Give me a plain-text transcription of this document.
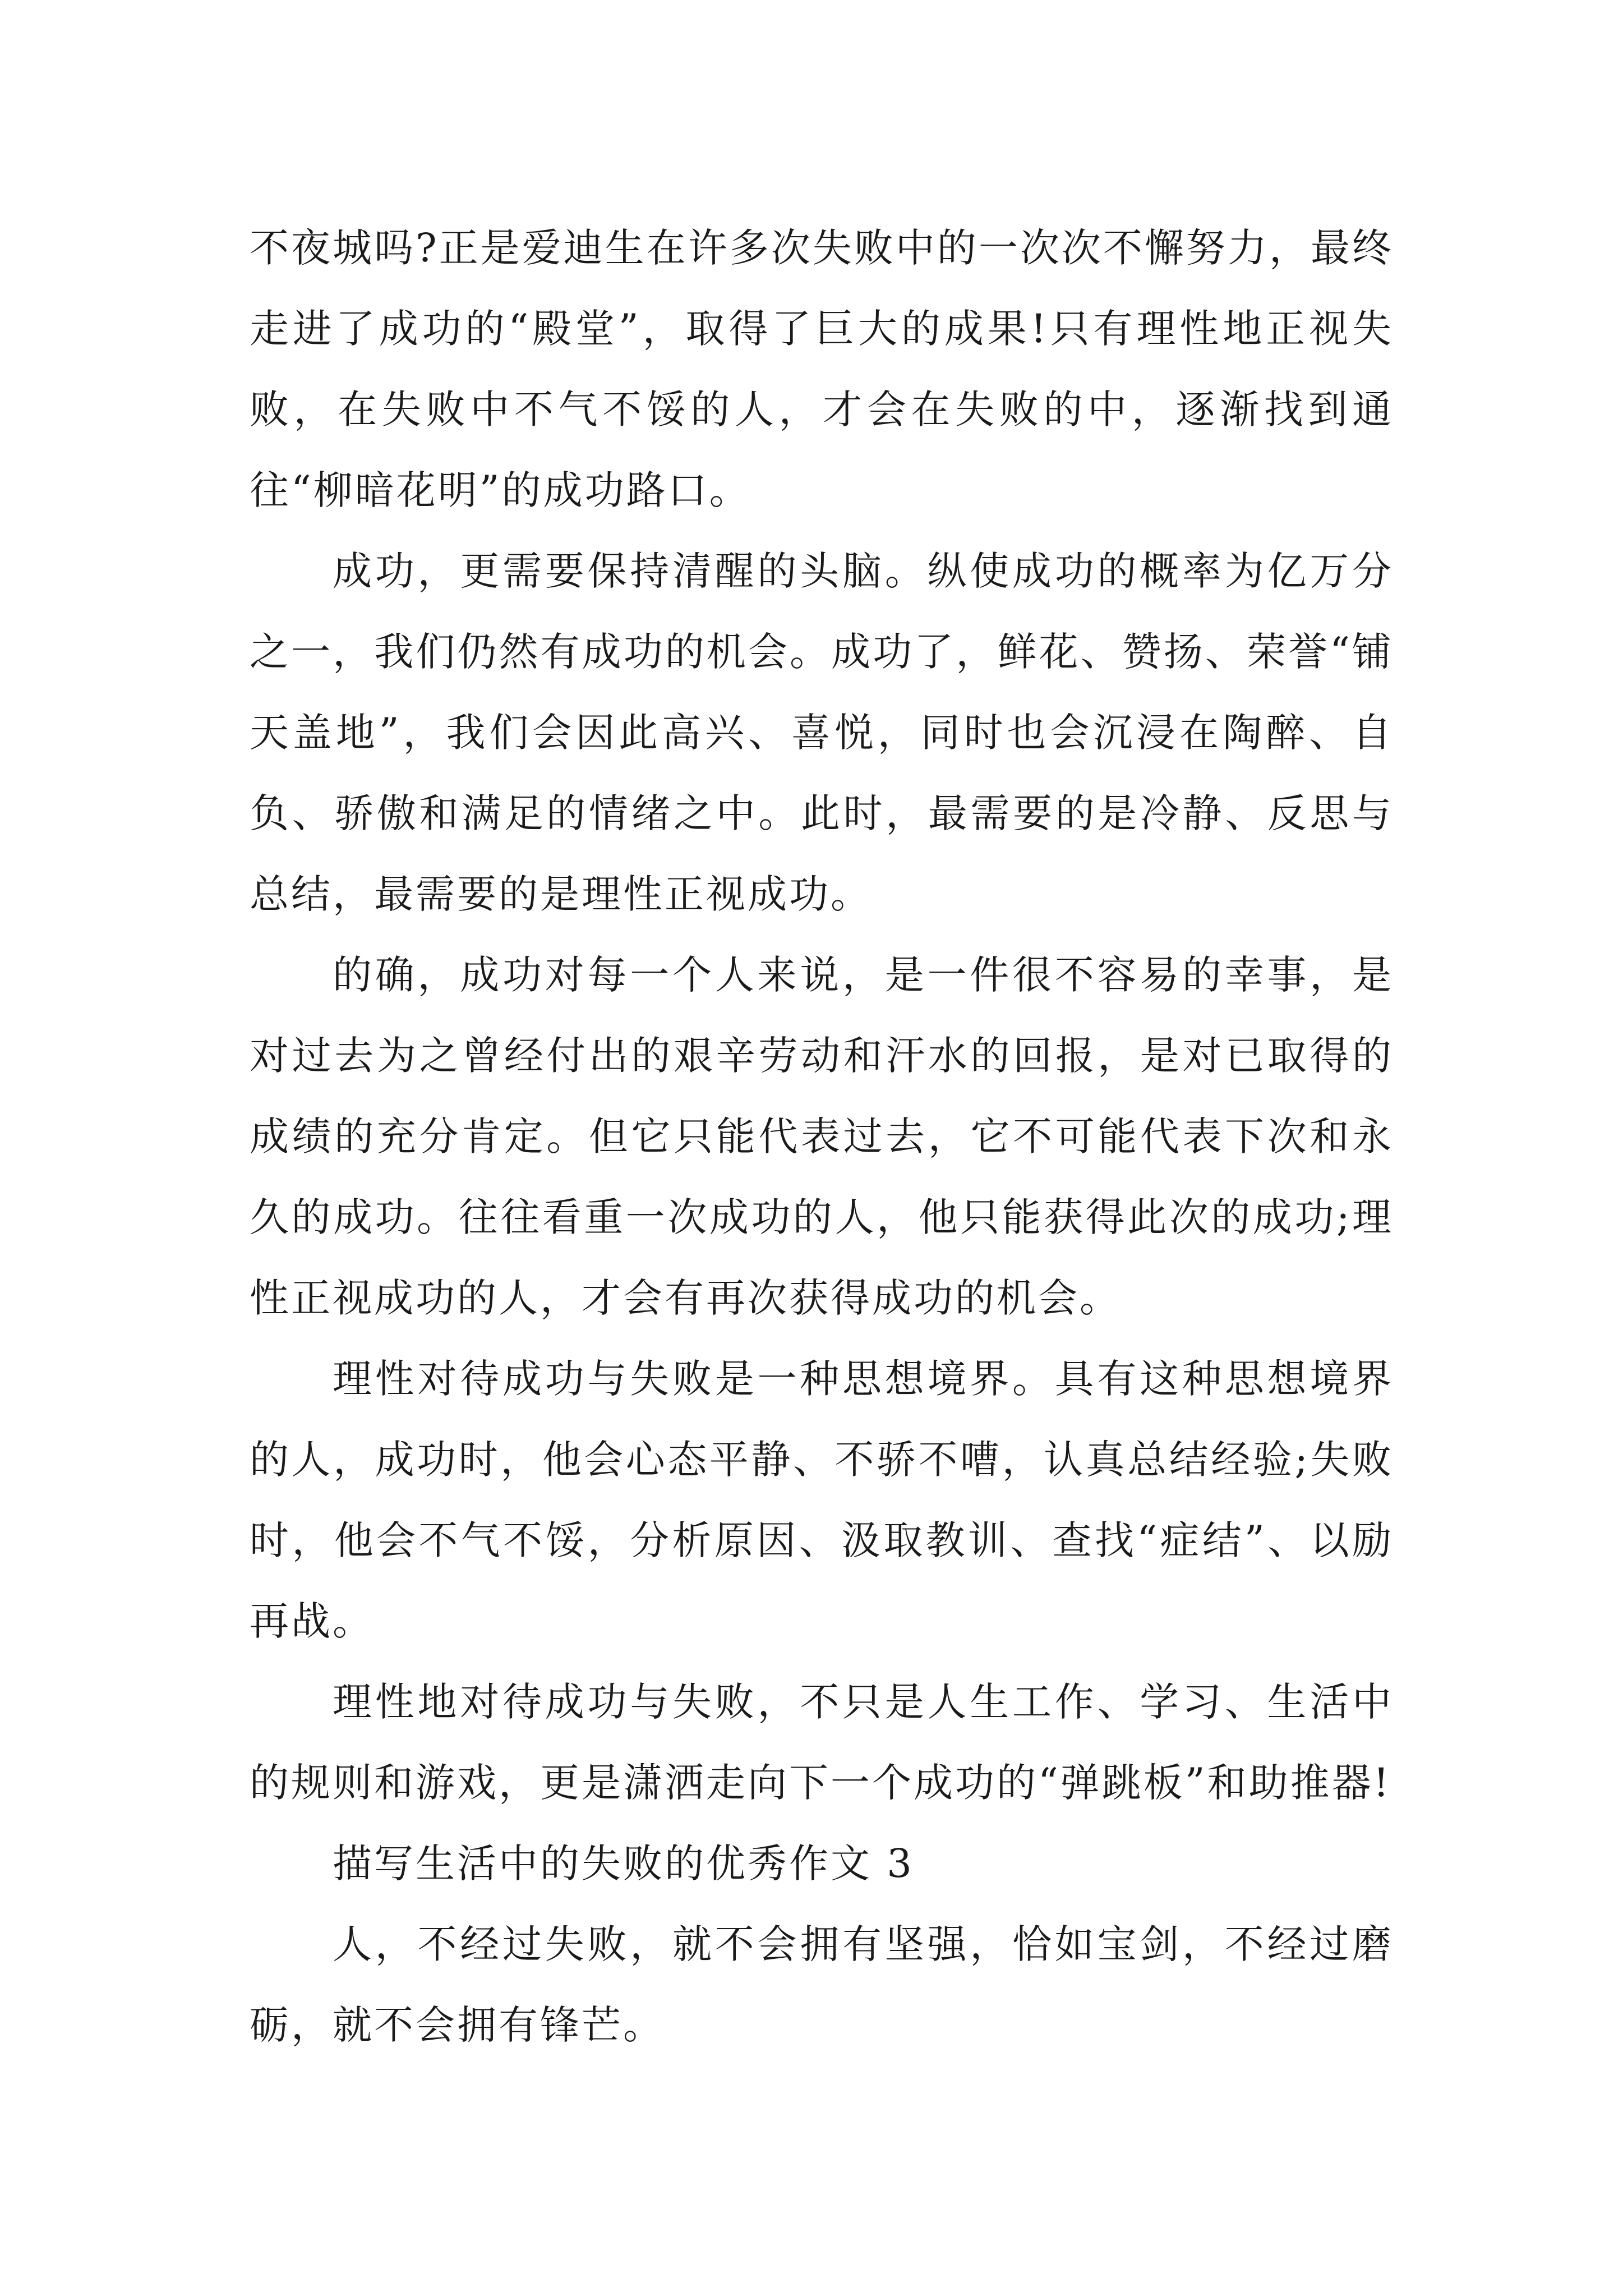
不夜城吗?正是爱迪生在许多次失败中的一次次不懈努力，最终走进了成功的“殿堂”，取得了巨大的成果!只有理性地正视失败，在失败中不气不馁的人，才会在失败的中，逐渐找到通往“柳暗花明”的成功路口。

成功，更需要保持清醒的头脑。纵使成功的概率为亿万分之一，我们仍然有成功的机会。成功了，鲜花、赞扬、荣誉“铺天盖地”，我们会因此高兴、喜悦，同时也会沉浸在陶醉、自负、骄傲和满足的情绪之中。此时，最需要的是冷静、反思与总结，最需要的是理性正视成功。

的确，成功对每一个人来说，是一件很不容易的幸事，是对过去为之曾经付出的艰辛劳动和汗水的回报，是对已取得的成绩的充分肯定。但它只能代表过去，它不可能代表下次和永久的成功。往往看重一次成功的人，他只能获得此次的成功;理性正视成功的人，才会有再次获得成功的机会。

理性对待成功与失败是一种思想境界。具有这种思想境界的人，成功时，他会心态平静、不骄不嘈，认真总结经验;失败时，他会不气不馁，分析原因、汲取教训、查找“症结”、以励再战。

理性地对待成功与失败，不只是人生工作、学习、生活中的规则和游戏，更是潇洒走向下一个成功的“弹跳板”和助推器!

描写生活中的失败的优秀作文 3

人，不经过失败，就不会拥有坚强，恰如宝剑，不经过磨砺，就不会拥有锋芒。
